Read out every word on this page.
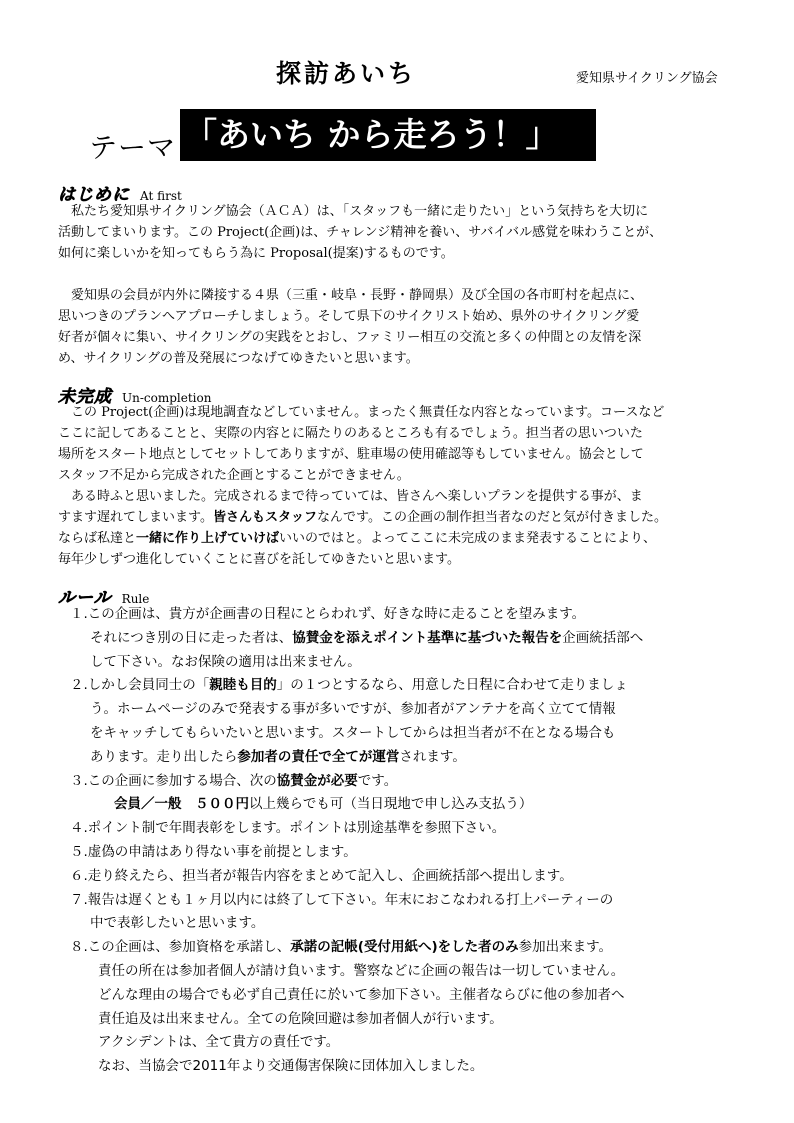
探訪あいち	愛知県サイクリング協会
テーマ 「あいち から走ろう！」
はじめに At first
　私たち愛知県サイクリング協会（ＡＣＡ）は、「スタッフも一緒に走りたい」という気持ちを大切に
活動してまいります。この Project(企画)は、チャレンジ精神を養い、サバイバル感覚を味わうことが、
如何に楽しいかを知ってもらう為に Proposal(提案)するものです。
　愛知県の会員が内外に隣接する４県（三重・岐阜・長野・静岡県）及び全国の各市町村を起点に、
思いつきのプランへアプローチしましょう。そして県下のサイクリスト始め、県外のサイクリング愛
好者が個々に集い、サイクリングの実践をとおし、ファミリー相互の交流と多くの仲間との友情を深
め、サイクリングの普及発展につなげてゆきたいと思います。
未完成 Un-completion
　この Project(企画)は現地調査などしていません。まったく無責任な内容となっています。コースなど
ここに記してあることと、実際の内容とに隔たりのあるところも有るでしょう。担当者の思いついた
場所をスタート地点としてセットしてありますが、駐車場の使用確認等もしていません。協会として
スタッフ不足から完成された企画とすることができません。
　ある時ふと思いました。完成されるまで待っていては、皆さんへ楽しいプランを提供する事が、ま
すます遅れてしまいます。皆さんもスタッフなんです。この企画の制作担当者なのだと気が付きました。
ならば私達と一緒に作り上げていけばいいのではと。よってここに未完成のまま発表することにより、
毎年少しずつ進化していくことに喜びを託してゆきたいと思います。
ルール Rule
１.この企画は、貴方が企画書の日程にとらわれず、好きな時に走ることを望みます。
それにつき別の日に走った者は、協賛金を添えポイント基準に基づいた報告を企画統括部へ
して下さい。なお保険の適用は出来ません。
２.しかし会員同士の「親睦も目的」の１つとするなら、用意した日程に合わせて走りましょ
う。ホームページのみで発表する事が多いですが、参加者がアンテナを高く立てて情報
をキャッチしてもらいたいと思います。スタートしてからは担当者が不在となる場合も
あります。走り出したら参加者の責任で全てが運営されます。
３.この企画に参加する場合、次の協賛金が必要です。
会員／一般　５００円以上幾らでも可（当日現地で申し込み支払う）
４.ポイント制で年間表彰をします。ポイントは別途基準を参照下さい。
５.虚偽の申請はあり得ない事を前提とします。
６.走り終えたら、担当者が報告内容をまとめて記入し、企画統括部へ提出します。
７.報告は遅くとも１ヶ月以内には終了して下さい。年末におこなわれる打上パーティーの
中で表彰したいと思います。
８.この企画は、参加資格を承諾し、承諾の記帳(受付用紙へ)をした者のみ参加出来ます。
責任の所在は参加者個人が請け負います。警察などに企画の報告は一切していません。
どんな理由の場合でも必ず自己責任に於いて参加下さい。主催者ならびに他の参加者へ
責任追及は出来ません。全ての危険回避は参加者個人が行います。
アクシデントは、全て貴方の責任です。
なお、当協会で2011年より交通傷害保険に団体加入しました。
